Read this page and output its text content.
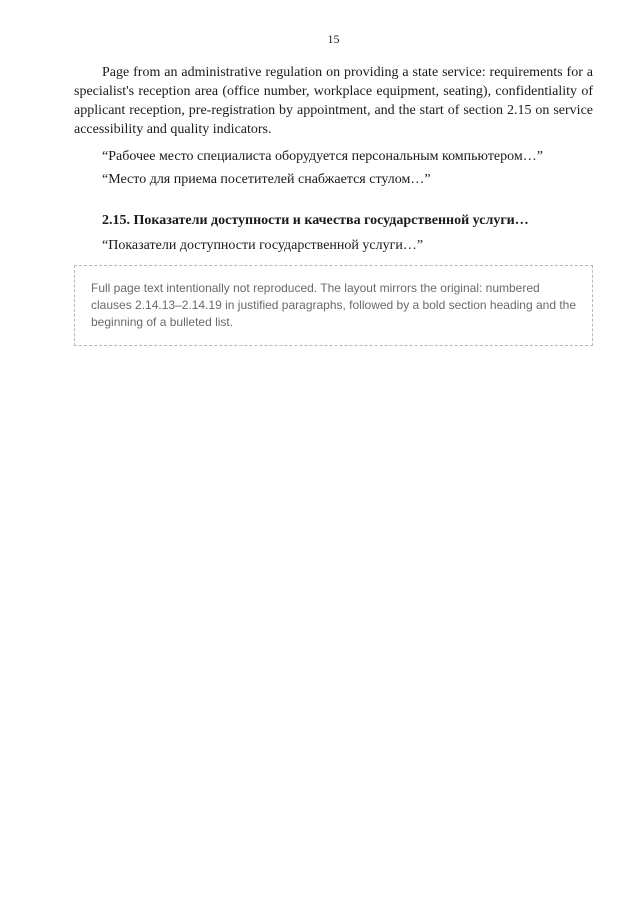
15

Page from an administrative regulation on providing a state service: requirements for a specialist's reception area (office number, workplace equipment, seating), confidentiality of applicant reception, pre-registration by appointment, and the start of section 2.15 on service accessibility and quality indicators.

“ Рабочее место специалиста оборудуется персональным компьютером …”

“ Место для приема посетителей снабжается стулом …”

2.15. Показатели доступности и качества государственной услуги…

“ Показатели доступности государственной услуги …”

Full page text intentionally not reproduced. The layout mirrors the original: numbered clauses 2.14.13–2.14.19 in justified paragraphs, followed by a bold section heading and the beginning of a bulleted list.
